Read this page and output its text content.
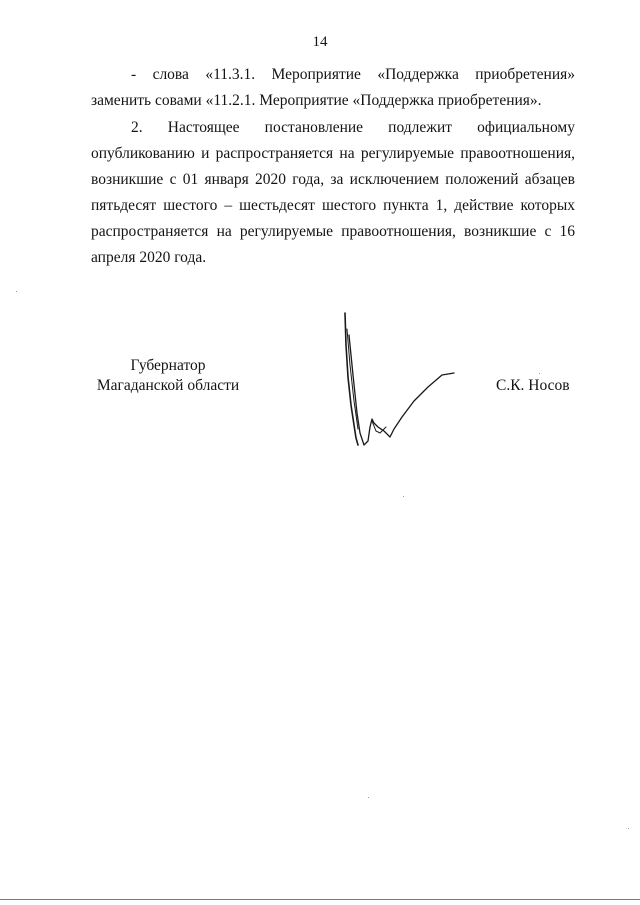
14

- слова «11.3.1. Мероприятие «Поддержка приобретения» заменить совами «11.2.1. Мероприятие «Поддержка приобретения».

2. Настоящее постановление подлежит официальному опубликованию и распространяется на регулируемые правоотношения, возникшие с 01 января 2020 года, за исключением положений абзацев пятьдесят шестого – шестьдесят шестого пункта 1, действие которых распространяется на регулируемые правоотношения, возникшие с 16 апреля 2020 года.

Губернатор
Магаданской области	С.К. Носов
